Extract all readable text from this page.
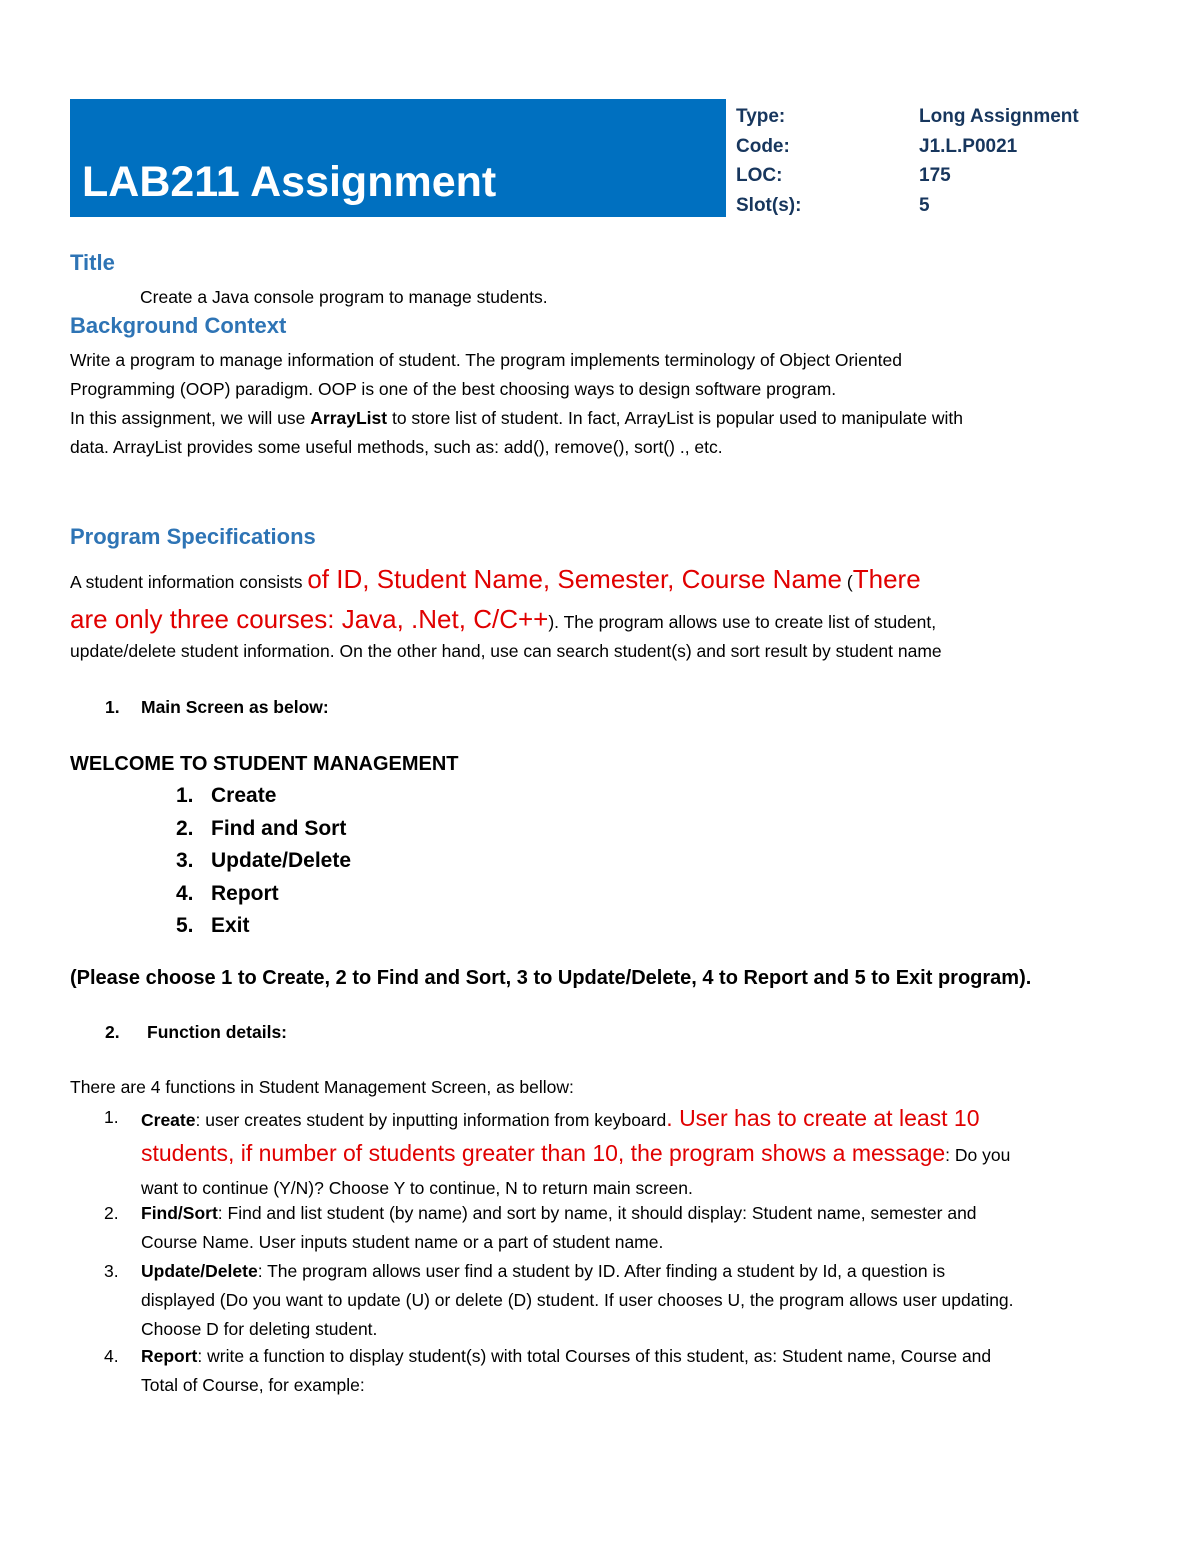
LAB211 Assignment
Type:	Long Assignment
Code:	J1.L.P0021
LOC:	175
Slot(s):	5
Title
Create a Java console program to manage students.
Background Context
Write a program to manage information of student. The program implements terminology of Object Oriented
Programming (OOP) paradigm. OOP is one of the best choosing ways to design software program.
In this assignment, we will use ArrayList to store list of student. In fact, ArrayList is popular used to manipulate with
data. ArrayList provides some useful methods, such as: add(), remove(), sort() ., etc.
Program Specifications
A student information consists of ID, Student Name, Semester, Course Name (There
are only three courses: Java, .Net, C/C++). The program allows use to create list of student,
update/delete student information. On the other hand, use can search student(s) and sort result by student name
1. Main Screen as below:
WELCOME TO STUDENT MANAGEMENT
1. Create
2. Find and Sort
3. Update/Delete
4. Report
5. Exit
(Please choose 1 to Create, 2 to Find and Sort, 3 to Update/Delete, 4 to Report and 5 to Exit program).
2. Function details:
There are 4 functions in Student Management Screen, as bellow:
1. Create: user creates student by inputting information from keyboard. User has to create at least 10
students, if number of students greater than 10, the program shows a message: Do you
want to continue (Y/N)? Choose Y to continue, N to return main screen.
2. Find/Sort: Find and list student (by name) and sort by name, it should display: Student name, semester and
Course Name. User inputs student name or a part of student name.
3. Update/Delete: The program allows user find a student by ID. After finding a student by Id, a question is
displayed (Do you want to update (U) or delete (D) student. If user chooses U, the program allows user updating.
Choose D for deleting student.
4. Report: write a function to display student(s) with total Courses of this student, as: Student name, Course and
Total of Course, for example:
